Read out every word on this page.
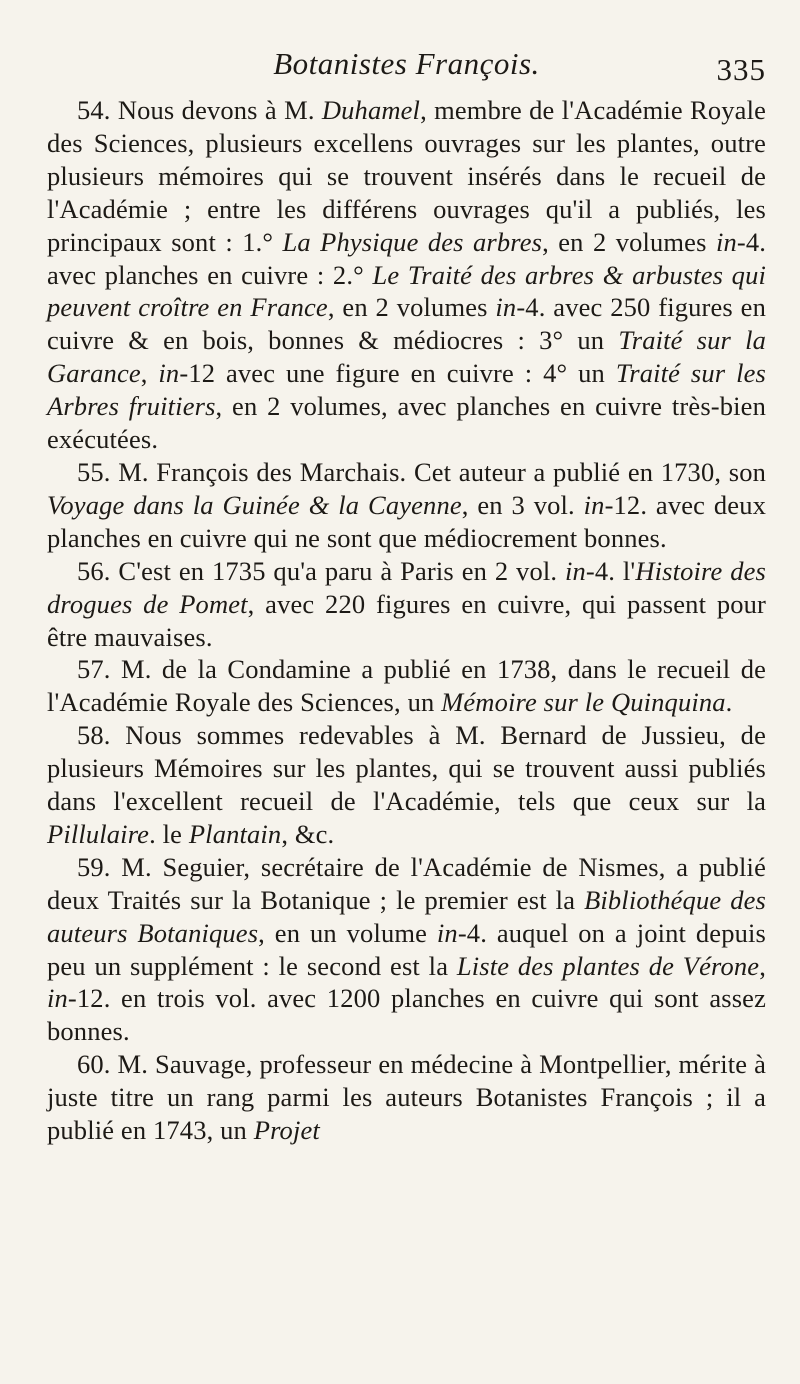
Botanistes François.	335

54. Nous devons à M. Duhamel, membre de l'Académie Royale des Sciences, plusieurs excellens ouvrages sur les plantes, outre plusieurs mémoires qui se trouvent insérés dans le recueil de l'Académie ; entre les différens ouvrages qu'il a publiés, les principaux sont : 1.° La Physique des arbres, en 2 volumes in-4. avec planches en cuivre : 2.° Le Traité des arbres & arbustes qui peuvent croître en France, en 2 volumes in-4. avec 250 figures en cuivre & en bois, bonnes & médiocres : 3° un Traité sur la Garance, in-12 avec une figure en cuivre : 4° un Traité sur les Arbres fruitiers, en 2 volumes, avec planches en cuivre très-bien exécutées.

55. M. François des Marchais. Cet auteur a publié en 1730, son Voyage dans la Guinée & la Cayenne, en 3 vol. in-12. avec deux planches en cuivre qui ne sont que médiocrement bonnes.

56. C'est en 1735 qu'a paru à Paris en 2 vol. in-4. l'Histoire des drogues de Pomet, avec 220 figures en cuivre, qui passent pour être mauvaises.

57. M. de la Condamine a publié en 1738, dans le recueil de l'Académie Royale des Sciences, un Mémoire sur le Quinquina.

58. Nous sommes redevables à M. Bernard de Jussieu, de plusieurs Mémoires sur les plantes, qui se trouvent aussi publiés dans l'excellent recueil de l'Académie, tels que ceux sur la Pillulaire. le Plantain, &c.

59. M. Seguier, secrétaire de l'Académie de Nismes, a publié deux Traités sur la Botanique ; le premier est la Bibliothéque des auteurs Botaniques, en un volume in-4. auquel on a joint depuis peu un supplément : le second est la Liste des plantes de Vérone, in-12. en trois vol. avec 1200 planches en cuivre qui sont assez bonnes.

60. M. Sauvage, professeur en médecine à Montpellier, mérite à juste titre un rang parmi les auteurs Botanistes François ; il a publié en 1743, un Projet
